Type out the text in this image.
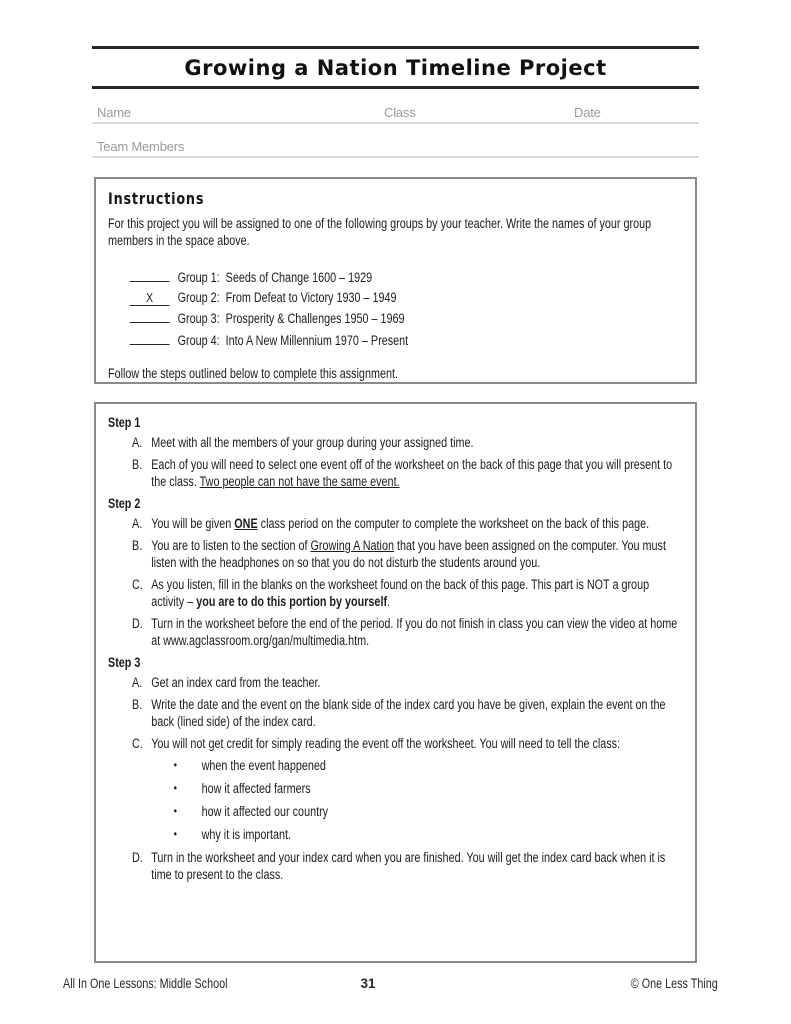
Growing a Nation Timeline Project
Name	Class	Date
Team Members
Instructions

For this project you will be assigned to one of the following groups by your teacher. Write the names of your group members in the space above.

Group 1:  Seeds of Change 1600 – 1929
X Group 2:  From Defeat to Victory 1930 – 1949
Group 3:  Prosperity & Challenges 1950 – 1969
Group 4:  Into A New Millennium 1970 – Present

Follow the steps outlined below to complete this assignment.

Step 1
A. Meet with all the members of your group during your assigned time.
B. Each of you will need to select one event off of the worksheet on the back of this page that you will present to the class. Two people can not have the same event.
Step 2
A. You will be given ONE class period on the computer to complete the worksheet on the back of this page.
B. You are to listen to the section of Growing A Nation that you have been assigned on the computer. You must listen with the headphones on so that you do not disturb the students around you.
C. As you listen, fill in the blanks on the worksheet found on the back of this page. This part is NOT a group activity – you are to do this portion by yourself.
D. Turn in the worksheet before the end of the period. If you do not finish in class you can view the video at home at www.agclassroom.org/gan/multimedia.htm.
Step 3
A. Get an index card from the teacher.
B. Write the date and the event on the blank side of the index card you have be given, explain the event on the back (lined side) of the index card.
C. You will not get credit for simply reading the event off the worksheet. You will need to tell the class:
•	when the event happened
•	how it affected farmers
•	how it affected our country
•	why it is important.
D. Turn in the worksheet and your index card when you are finished. You will get the index card back when it is time to present to the class.
All In One Lessons: Middle School	31	© One Less Thing
